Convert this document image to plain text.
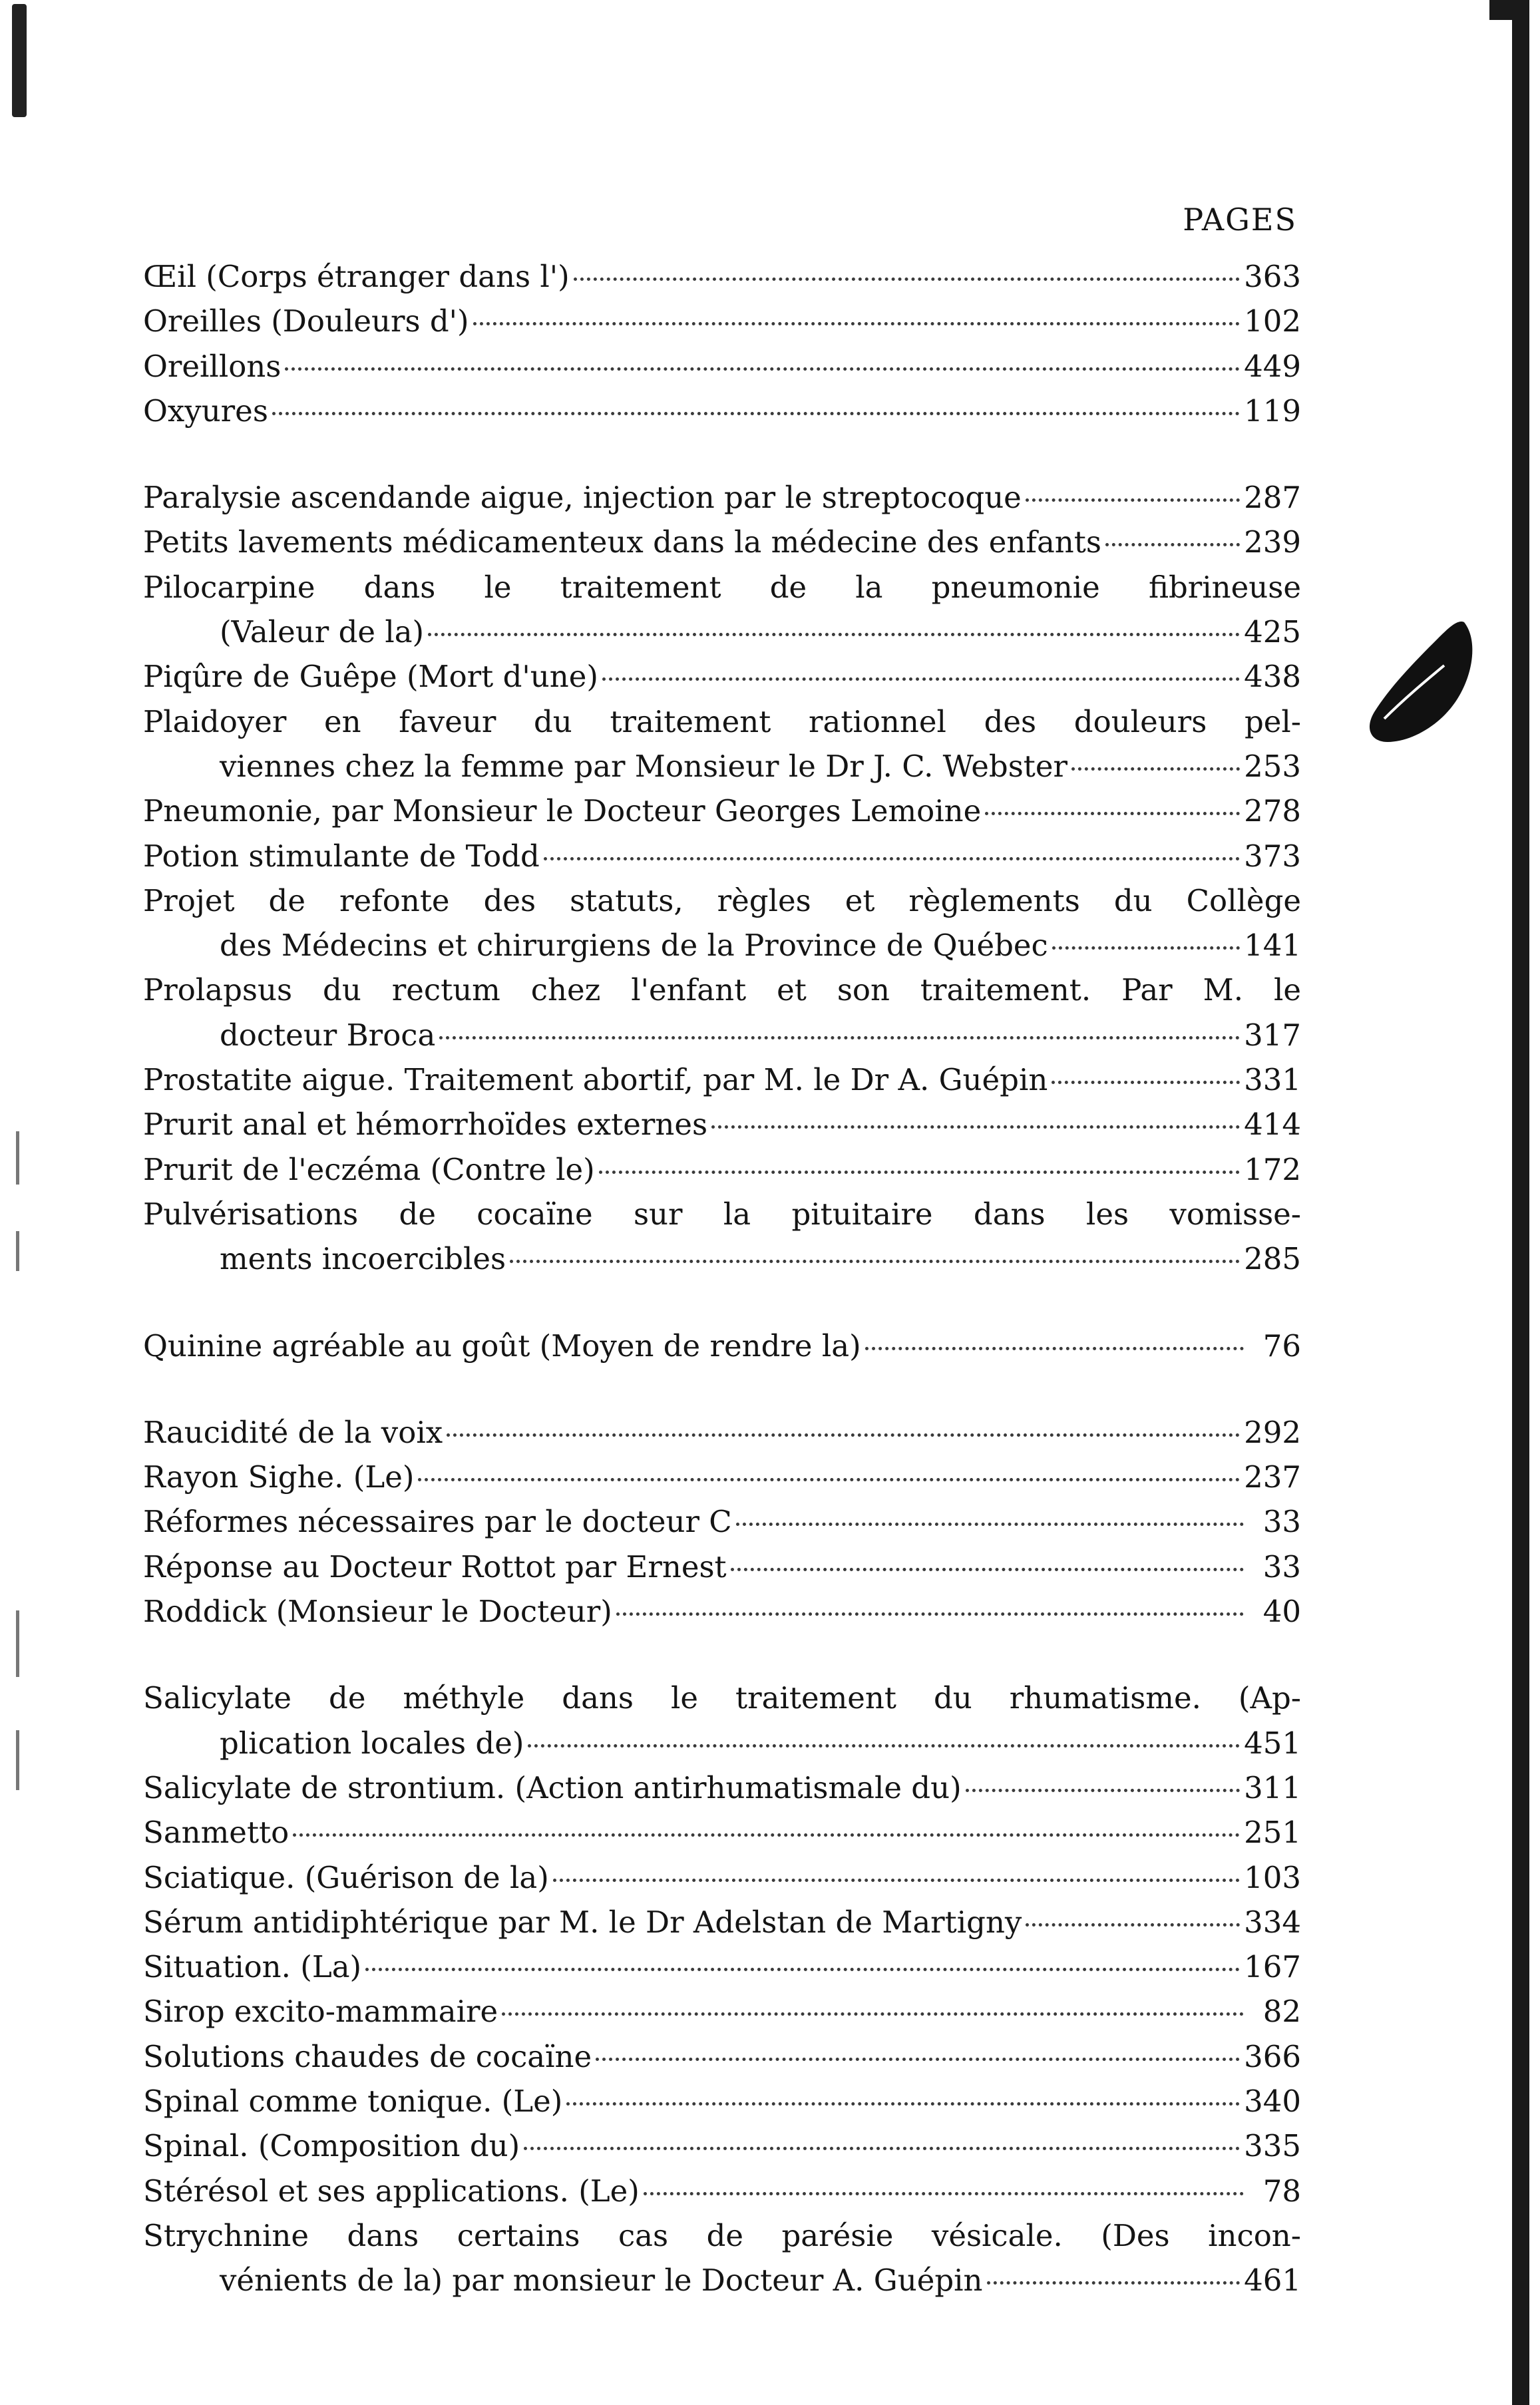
PAGES
Œil (Corps étranger dans l')	363
Oreilles (Douleurs d')	102
Oreillons	449
Oxyures	119
Paralysie ascendande aigue, injection par le streptocoque	287
Petits lavements médicamenteux dans la médecine des enfants	239
Pilocarpine dans le traitement de la pneumonie fibrineuse
(Valeur de la)	425
Piqûre de Guêpe (Mort d'une)	438
Plaidoyer en faveur du traitement rationnel des douleurs pel-
viennes chez la femme par Monsieur le Dr J. C. Webster	253
Pneumonie, par Monsieur le Docteur Georges Lemoine	278
Potion stimulante de Todd	373
Projet de refonte des statuts, règles et règlements du Collège
des Médecins et chirurgiens de la Province de Québec	141
Prolapsus du rectum chez l'enfant et son traitement. Par M. le
docteur Broca	317
Prostatite aigue. Traitement abortif, par M. le Dr A. Guépin	331
Prurit anal et hémorrhoïdes externes	414
Prurit de l'eczéma (Contre le)	172
Pulvérisations de cocaïne sur la pituitaire dans les vomisse-
ments incoercibles	285
Quinine agréable au goût (Moyen de rendre la)	76
Raucidité de la voix	292
Rayon Sighe. (Le)	237
Réformes nécessaires par le docteur C	33
Réponse au Docteur Rottot par Ernest	33
Roddick (Monsieur le Docteur)	40
Salicylate de méthyle dans le traitement du rhumatisme. (Ap-
plication locales de)	451
Salicylate de strontium. (Action antirhumatismale du)	311
Sanmetto	251
Sciatique. (Guérison de la)	103
Sérum antidiphtérique par M. le Dr Adelstan de Martigny	334
Situation. (La)	167
Sirop excito-mammaire	82
Solutions chaudes de cocaïne	366
Spinal comme tonique. (Le)	340
Spinal. (Composition du)	335
Stérésol et ses applications. (Le)	78
Strychnine dans certains cas de parésie vésicale. (Des incon-
vénients de la) par monsieur le Docteur A. Guépin	461
